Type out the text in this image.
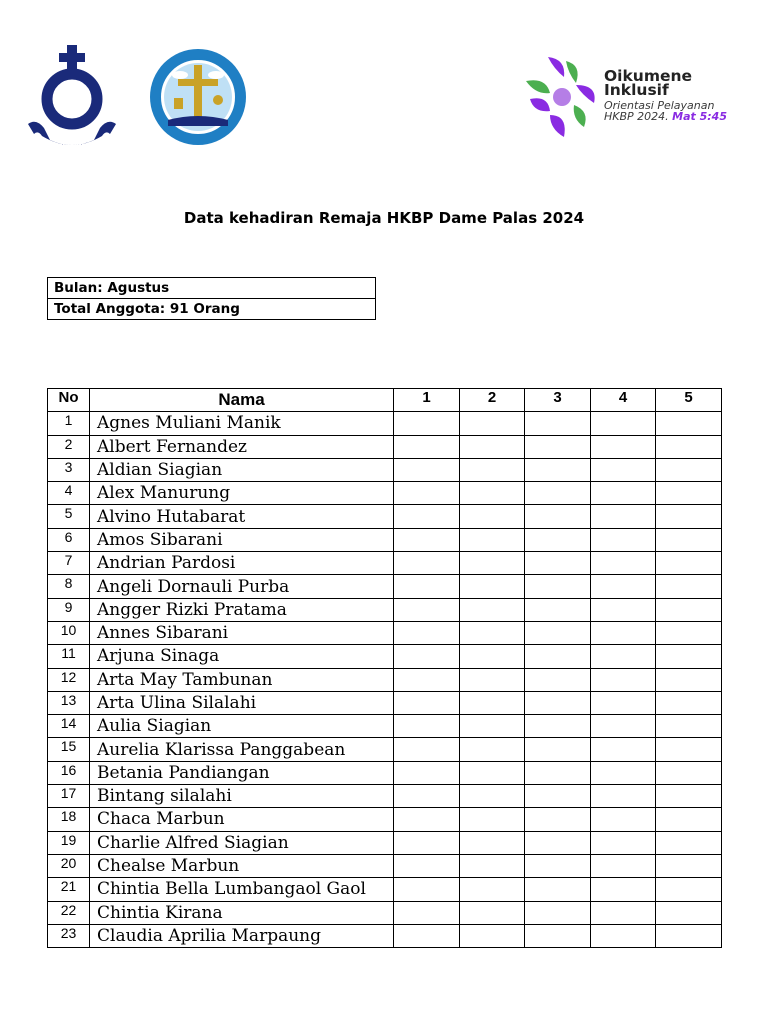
HKBP
Oikumene
Inklusif
Orientasi Pelayanan
HKBP 2024. Mat 5:45
Data kehadiran Remaja HKBP Dame Palas 2024
Bulan: Agustus
Total Anggota: 91 Orang
No	Nama	1	2	3	4	5
1	Agnes Muliani Manik					
2	Albert Fernandez					
3	Aldian Siagian					
4	Alex Manurung					
5	Alvino Hutabarat					
6	Amos Sibarani					
7	Andrian Pardosi					
8	Angeli Dornauli Purba					
9	Angger Rizki Pratama					
10	Annes Sibarani					
11	Arjuna Sinaga					
12	Arta May Tambunan					
13	Arta Ulina Silalahi					
14	Aulia Siagian					
15	Aurelia Klarissa Panggabean					
16	Betania Pandiangan					
17	Bintang silalahi					
18	Chaca Marbun					
19	Charlie Alfred Siagian					
20	Chealse Marbun					
21	Chintia Bella Lumbangaol Gaol					
22	Chintia Kirana					
23	Claudia Aprilia Marpaung					
